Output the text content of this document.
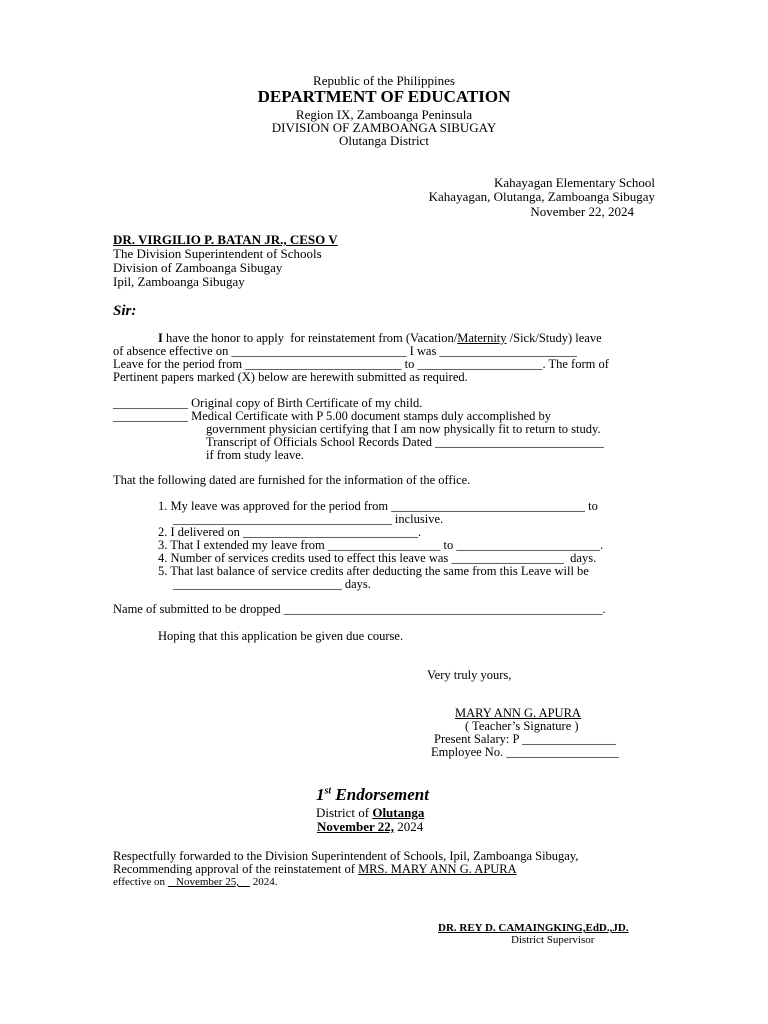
Republic of the Philippines
DEPARTMENT OF EDUCATION
Region IX, Zamboanga Peninsula
DIVISION OF ZAMBOANGA SIBUGAY
Olutanga District
Kahayagan Elementary School
Kahayagan, Olutanga, Zamboanga Sibugay
November 22, 2024
DR. VIRGILIO P. BATAN JR., CESO V
The Division Superintendent of Schools
Division of Zamboanga Sibugay
Ipil, Zamboanga Sibugay
Sir:
I have the honor to apply  for reinstatement from (Vacation/Maternity /Sick/Study) leave
of absence effective on ____________________________ I was ______________________
Leave for the period from _________________________ to ____________________. The form of
Pertinent papers marked (X) below are herewith submitted as required.
____________ Original copy of Birth Certificate of my child.
____________ Medical Certificate with P 5.00 document stamps duly accomplished by
government physician certifying that I am now physically fit to return to study.
Transcript of Officials School Records Dated ___________________________
if from study leave.
That the following dated are furnished for the information of the office.
1. My leave was approved for the period from _______________________________ to
___________________________________ inclusive.
2. I delivered on ____________________________.
3. That I extended my leave from __________________ to _______________________.
4. Number of services credits used to effect this leave was __________________  days.
5. That last balance of service credits after deducting the same from this Leave will be
___________________________ days.
Name of submitted to be dropped ___________________________________________________.
Hoping that this application be given due course.
Very truly yours,
MARY ANN G. APURA
( Teacher’s Signature )
Present Salary: P _______________
Employee No. __________________
1st Endorsement
District of Olutanga
November 22, 2024
Respectfully forwarded to the Division Superintendent of Schools, Ipil, Zamboanga Sibugay,
Recommending approval of the reinstatement of MRS. MARY ANN G. APURA
effective on    November 25,     2024.
DR. REY D. CAMAINGKING,EdD.,JD.
District Supervisor
